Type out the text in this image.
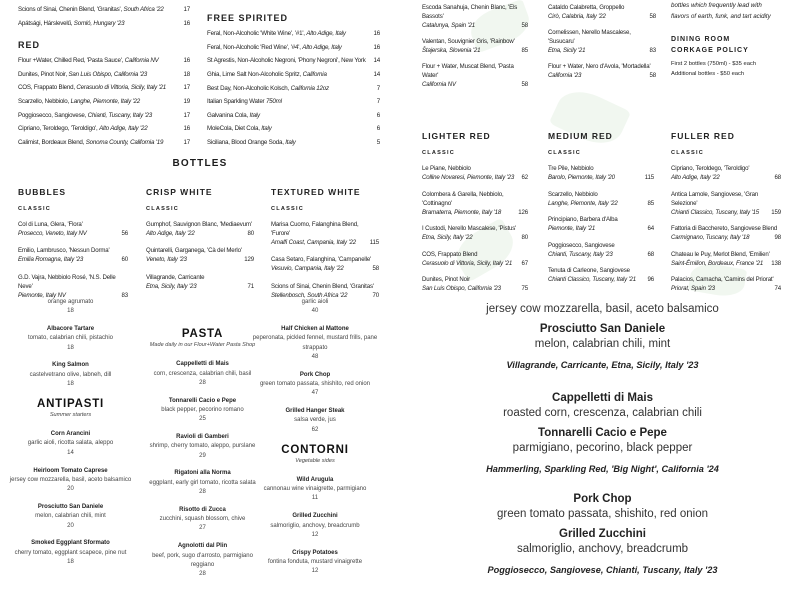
Scions of Sinai, Chenin Blend, 'Granitas', South Africa '22	17
Apátsági, Hárslevelű, Somló, Hungary '23	16
RED
Flour +Water, Chilled Red, 'Pasta Sauce', California NV	16
Dunites, Pinot Noir, San Luis Obispo, California '23	18
COS, Frappato Blend, Cerasuolo di Vittoria, Sicily, Italy '21	17
Scarzello, Nebbiolo, Langhe, Piemonte, Italy '22	19
Poggiosecco, Sangiovese, Chianti, Tuscany, Italy '23	17
Cipriano, Teroldego, 'Teroldigo', Alto Adige, Italy '22	16
Calimist, Bordeaux Blend, Sonoma County, California '19	17
FREE SPIRITED
Feral, Non-Alcoholic 'White Wine', '#1', Alto Adige, Italy	16
Feral, Non-Alcoholic 'Red Wine', '#4', Alto Adige, Italy	16
St Agrestis, Non-Alcoholic Negroni, 'Phony Negroni', New York	14
Ghia, Lime Salt Non-Alcoholic Spritz, California	14
Best Day, Non-Alcoholic Kolsch, California 12oz	7
Italian Sparkling Water 750ml	7
Galvanina Cola, Italy	6
MoleCola, Diet Cola, Italy	6
Siciliana, Blood Orange Soda, Italy	5
Escoda Sanahuja, Chenin Blanc, 'Els Bassots'
Catalunya, Spain '21	58
Valentan, Souvignier Gris, 'Rainbow'
Štajerska, Slovenia '21	85
Flour + Water, Muscat Blend, 'Pasta Water'
California NV	58
Cataldo Calabretta, Groppello
Cirò, Calabria, Italy '22	58
Cornelissen, Nerello Mascalese, 'Susucaru'
Etna, Sicily '21	83
Flour + Water, Nero d'Avola, 'Mortadella'
California '23	58
bottles which frequently lead with
flavors of earth, funk, and tart acidity
DINING ROOM
CORKAGE POLICY
First 2 bottles (750ml) - $35 each
Additional bottles - $50 each
BOTTLES
BUBBLES
CLASSIC
Col di Luna, Glera, 'Flora'
Prosecco, Veneto, Italy NV	56
Emilio, Lambrusco, 'Nessun Dorma'
Emilia Romagna, Italy '23	60
G.D. Vajra, Nebbiolo Rosé, 'N.S. Delle Neve'
Piemonte, Italy NV	83
CRISP WHITE
CLASSIC
Gumphof, Sauvignon Blanc, 'Mediaevum'
Alto Adige, Italy '22	80
Quintarelli, Garganega, 'Cà del Merlo'
Veneto, Italy '23	129
Villagrande, Carricante
Etna, Sicily, Italy '23	71
TEXTURED WHITE
CLASSIC
Marisa Cuomo, Falanghina Blend, 'Furore'
Amalfi Coast, Campania, Italy '22 115
Casa Setaro, Falanghina, 'Campanelle'
Vesuvio, Campania, Italy '22	58
Scions of Sinai, Chenin Blend, 'Granitas'
Stellenbosch, South Africa '22	70
LIGHTER RED
CLASSIC
Le Piane, Nebbiolo
Colline Novaresi, Piemonte, Italy '23 62
Colombera & Garella, Nebbiolo, 'Cottinagno'
Bramaterra, Piemonte, Italy '18	126
I Custodi, Nerello Mascalese, 'Pistus'
Etna, Sicily, Italy '22	80
COS, Frappato Blend
Cerasuolo di Vittoria, Sicily, Italy '21 67
Dunites, Pinot Noir
San Luis Obispo, California '23	75
MEDIUM RED
CLASSIC
Tre Pile, Nebbiolo
Barolo, Piemonte, Italy '20	115
Scarzello, Nebbiolo
Langhe, Piemonte, Italy '22	85
Principiano, Barbera d'Alba
Piemonte, Italy '21	64
Poggiosecco, Sangiovese
Chianti, Tuscany, Italy '23	68
Tenuta di Carleone, Sangiovese
Chianti Classico, Tuscany, Italy '21 96
FULLER RED
CLASSIC
Cipriano, Teroldego, 'Teroldigo'
Alto Adige, Italy '22	68
Antica Lamole, Sangiovese, 'Gran Selezione'
Chianti Classico, Tuscany, Italy '15 159
Fattoria di Bacchereto, Sangiovese Blend
Carmignano, Tuscany, Italy '18	98
Chateau le Puy, Merlot Blend, 'Emilien'
Saint-Émilion, Bordeaux, France '21 138
Palacios, Camacha, 'Camins del Priorat'
Priorat, Spain '23	74
orange agrumato
18
Albacore Tartare
tomato, calabrian chili, pistachio
18
King Salmon
castelvetrano olive, labneh, dill
18
ANTIPASTI
Summer starters
Corn Arancini
garlic aioli, ricotta salata, aleppo
14
Heirloom Tomato Caprese
jersey cow mozzarella, basil, aceto balsamico
20
Prosciutto San Daniele
melon, calabrian chili, mint
20
Smoked Eggplant Sformato
cherry tomato, eggplant scapece, pine nut
18
PASTA
Made daily in our Flour+Water Pasta Shop
Cappelletti di Mais
corn, crescenza, calabrian chili, basil
28
Tonnarelli Cacio e Pepe
black pepper, pecorino romano
25
Ravioli di Gamberi
shrimp, cherry tomato, aleppo, purslane
29
Rigatoni alla Norma
eggplant, early girl tomato, ricotta salata
28
Risotto di Zucca
zucchini, squash blossom, chive
27
Agnolotti dal Plin
beef, pork, sugo d'arrosto, parmigiano reggiano
28
garlic aioli
40
Half Chicken al Mattone
peperonata, pickled fennel, mustard frills, pane strappato
48
Pork Chop
green tomato passata, shishito, red onion
47
Grilled Hanger Steak
salsa verde, jus
62
CONTORNI
Vegetable sides
Wild Arugula
cannonau wine vinaigrette, parmigiano
11
Grilled Zucchini
salmoriglio, anchovy, breadcrumb
12
Crispy Potatoes
fontina fonduta, mustard vinaigrette
12
jersey cow mozzarella, basil, aceto balsamico
Prosciutto San Daniele
melon, calabrian chili, mint
Villagrande, Carricante, Etna, Sicily, Italy '23
Cappelletti di Mais
roasted corn, crescenza, calabrian chili
Tonnarelli Cacio e Pepe
parmigiano, pecorino, black pepper
Hammerling, Sparkling Red, 'Big Night', California '24
Pork Chop
green tomato passata, shishito, red onion
Grilled Zucchini
salmoriglio, anchovy, breadcrumb
Poggiosecco, Sangiovese, Chianti, Tuscany, Italy '23
